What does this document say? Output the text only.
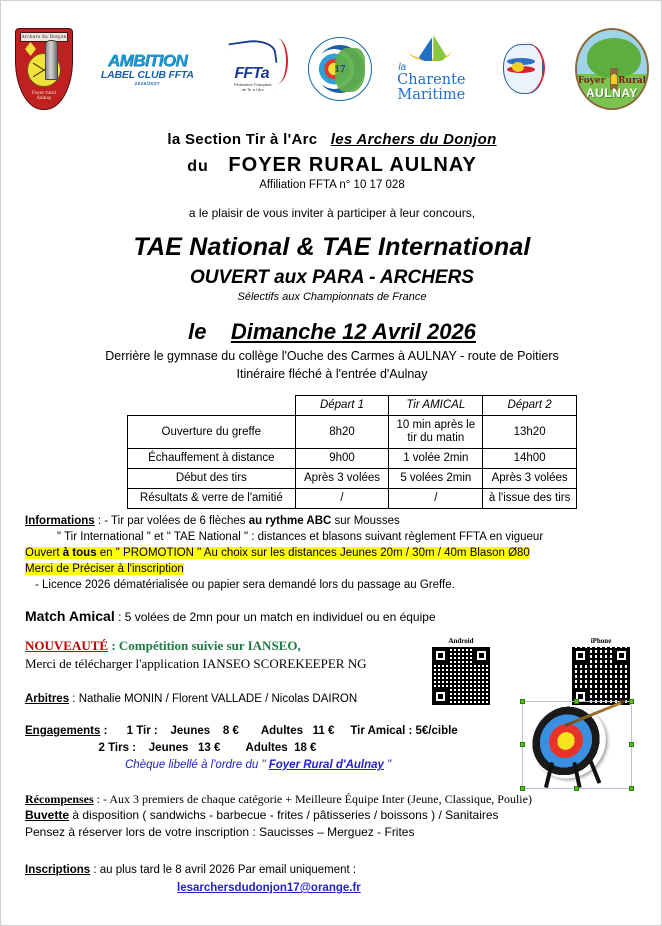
Archers du Donjon
Foyer rural
Aulnay
AMBITION
LABEL CLUB FFTA
2026/2027
FFTa
Fédération Française
de Tir à l'Arc
17	la
Charente
Maritime
Foyer Rural
AULNAY
la Section Tir à l'Arc les Archers du Donjon
du FOYER RURAL AULNAY
Affiliation FFTA n° 10 17 028
a le plaisir de vous inviter à participer à leur concours,
TAE National & TAE International
OUVERT aux PARA - ARCHERS
Sélectifs aux Championnats de France
le Dimanche 12 Avril 2026
Derrière le gymnase du collège l'Ouche des Carmes à AULNAY - route de Poitiers
Itinéraire fléché à l'entrée d'Aulnay
	Départ 1	Tir AMICAL	Départ 2
Ouverture du greffe	8h20	10 min après le tir du matin	13h20
Échauffement à distance	9h00	1 volée 2min	14h00
Début des tirs	Après 3 volées	5 volées 2min	Après 3 volées
Résultats & verre de l'amitié	/	/	à l'issue des tirs
Informations : - Tir par volées de 6 flèches au rythme ABC sur Mousses
" Tir International " et " TAE National " : distances et blasons suivant règlement FFTA en vigueur
Ouvert à tous en " PROMOTION " Au choix sur les distances Jeunes 20m / 30m / 40m Blason Ø80
Merci de Préciser à l'inscription
- Licence 2026 dématérialisée ou papier sera demandé lors du passage au Greffe.
Match Amical : 5 volées de 2mn pour un match en individuel ou en équipe
NOUVEAUTÉ : Compétition suivie sur IANSEO,
Merci de télécharger l'application IANSEO SCOREKEEPER NG
Android	iPhone
Arbitres : Nathalie MONIN / Florent VALLADE / Nicolas DAIRON
Engagements : 1 Tir :    Jeunes    8 €       Adultes   11 €     Tir Amical : 5€/cible
2 Tirs :    Jeunes   13 €        Adultes  18 €
Chèque libellé à l'ordre du " Foyer Rural d'Aulnay "
Récompenses : - Aux 3 premiers de chaque catégorie + Meilleure Équipe Inter (Jeune, Classique, Poulie)
Buvette à disposition ( sandwichs - barbecue - frites / pâtisseries / boissons ) / Sanitaires
Pensez à réserver lors de votre inscription : Saucisses – Merguez - Frites
Inscriptions : au plus tard le 8 avril 2026 Par email uniquement :
lesarchersdudonjon17@orange.fr
